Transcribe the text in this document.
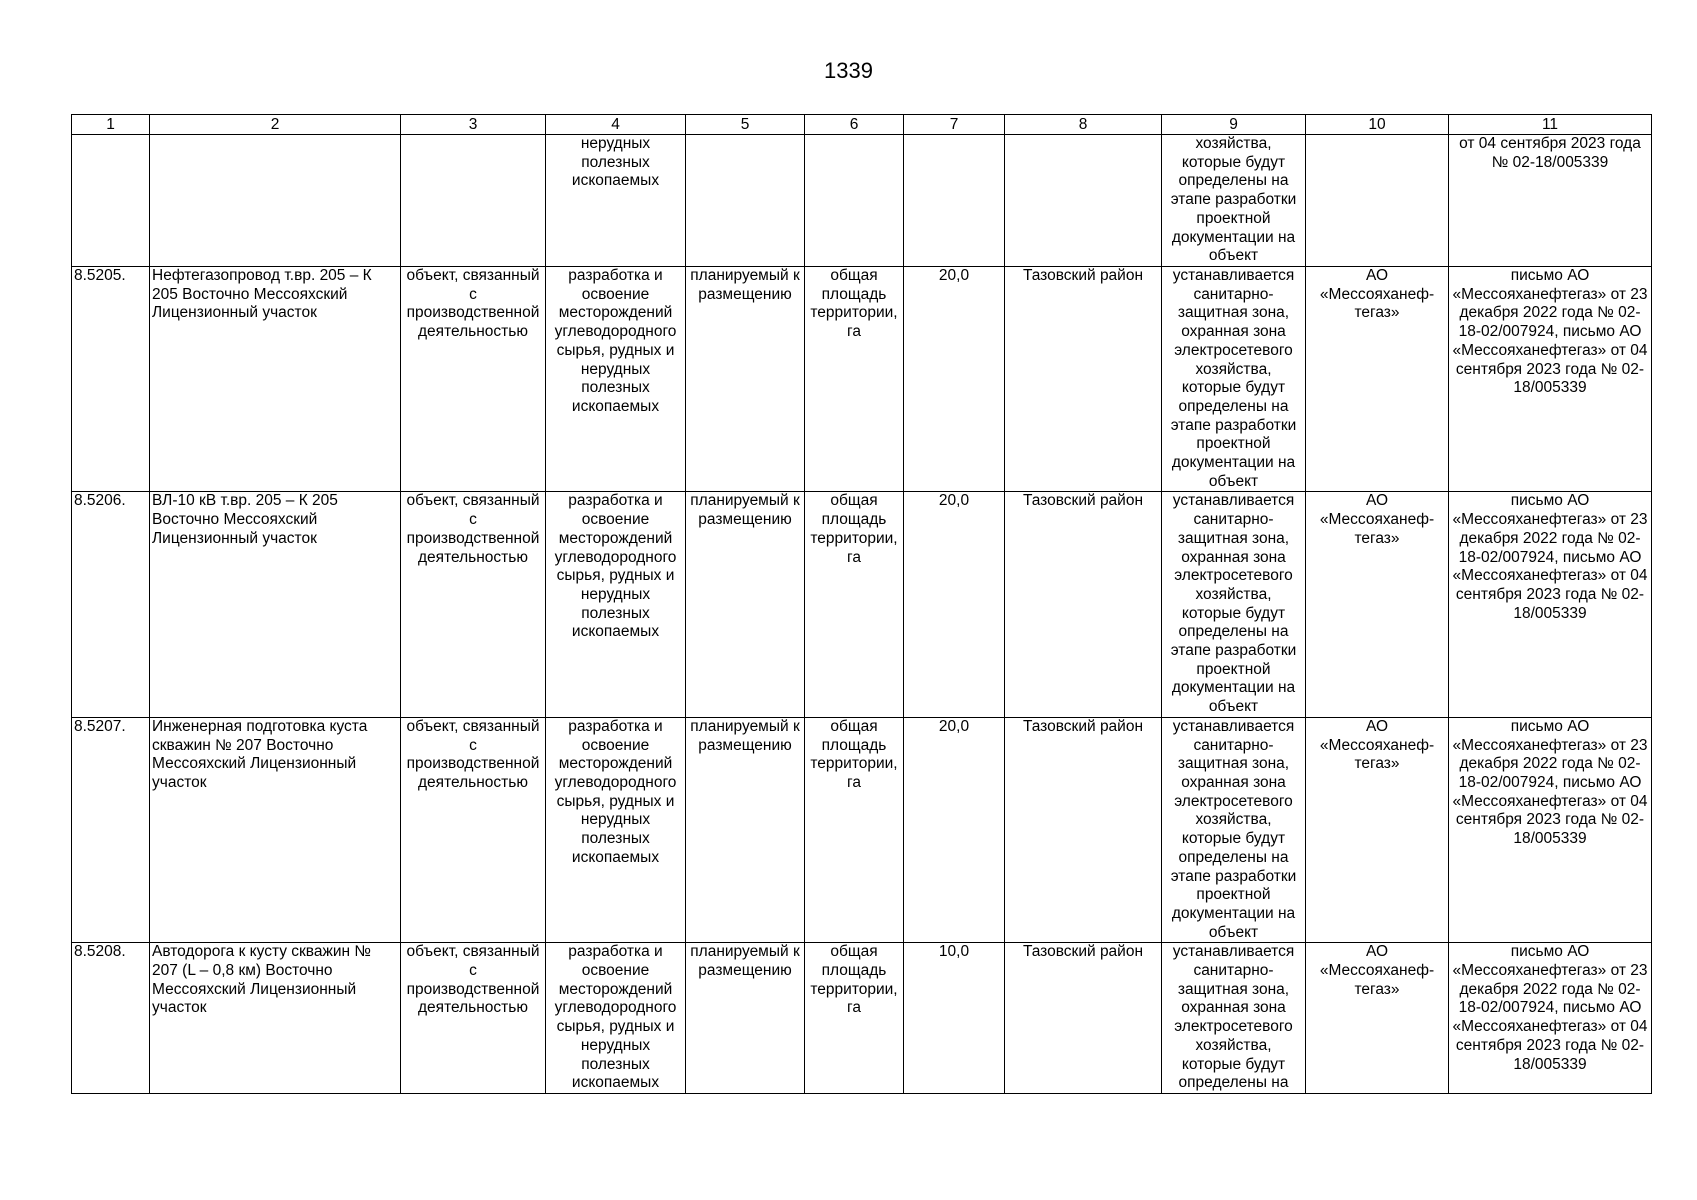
1339
1	2	3	4	5	6	7	8	9	10	11
			нерудных полезных ископаемых					хозяйства, которые будут определены на этапе разработки проектной документации на объект		от 04 сентября 2023 года № 02-18/005339
8.5205.	Нефтегазопровод т.вр. 205 – К 205 Восточно Мессояхский Лицензионный участок	объект, связанный с производственной деятельностью	разработка и освоение месторождений углеводородного сырья, рудных и нерудных полезных ископаемых	планируемый к размещению	общая площадь территории, га	20,0	Тазовский район	устанавливается санитарно-защитная зона, охранная зона электросетевого хозяйства, которые будут определены на этапе разработки проектной документации на объект	АО «Мессояханеф-тегаз»	письмо АО «Мессояханефтегаз» от 23 декабря 2022 года № 02-18-02/007924, письмо АО «Мессояханефтегаз» от 04 сентября 2023 года № 02-18/005339
8.5206.	ВЛ-10 кВ т.вр. 205 – К 205 Восточно Мессояхский Лицензионный участок	объект, связанный с производственной деятельностью	разработка и освоение месторождений углеводородного сырья, рудных и нерудных полезных ископаемых	планируемый к размещению	общая площадь территории, га	20,0	Тазовский район	устанавливается санитарно-защитная зона, охранная зона электросетевого хозяйства, которые будут определены на этапе разработки проектной документации на объект	АО «Мессояханеф-тегаз»	письмо АО «Мессояханефтегаз» от 23 декабря 2022 года № 02-18-02/007924, письмо АО «Мессояханефтегаз» от 04 сентября 2023 года № 02-18/005339
8.5207.	Инженерная подготовка куста скважин № 207 Восточно Мессояхский Лицензионный участок	объект, связанный с производственной деятельностью	разработка и освоение месторождений углеводородного сырья, рудных и нерудных полезных ископаемых	планируемый к размещению	общая площадь территории, га	20,0	Тазовский район	устанавливается санитарно-защитная зона, охранная зона электросетевого хозяйства, которые будут определены на этапе разработки проектной документации на объект	АО «Мессояханеф-тегаз»	письмо АО «Мессояханефтегаз» от 23 декабря 2022 года № 02-18-02/007924, письмо АО «Мессояханефтегаз» от 04 сентября 2023 года № 02-18/005339
8.5208.	Автодорога к кусту скважин № 207 (L – 0,8 км) Восточно Мессояхский Лицензионный участок	объект, связанный с производственной деятельностью	разработка и освоение месторождений углеводородного сырья, рудных и нерудных полезных ископаемых	планируемый к размещению	общая площадь территории, га	10,0	Тазовский район	устанавливается санитарно-защитная зона, охранная зона электросетевого хозяйства, которые будут определены на	АО «Мессояханеф-тегаз»	письмо АО «Мессояханефтегаз» от 23 декабря 2022 года № 02-18-02/007924, письмо АО «Мессояханефтегаз» от 04 сентября 2023 года № 02-18/005339
